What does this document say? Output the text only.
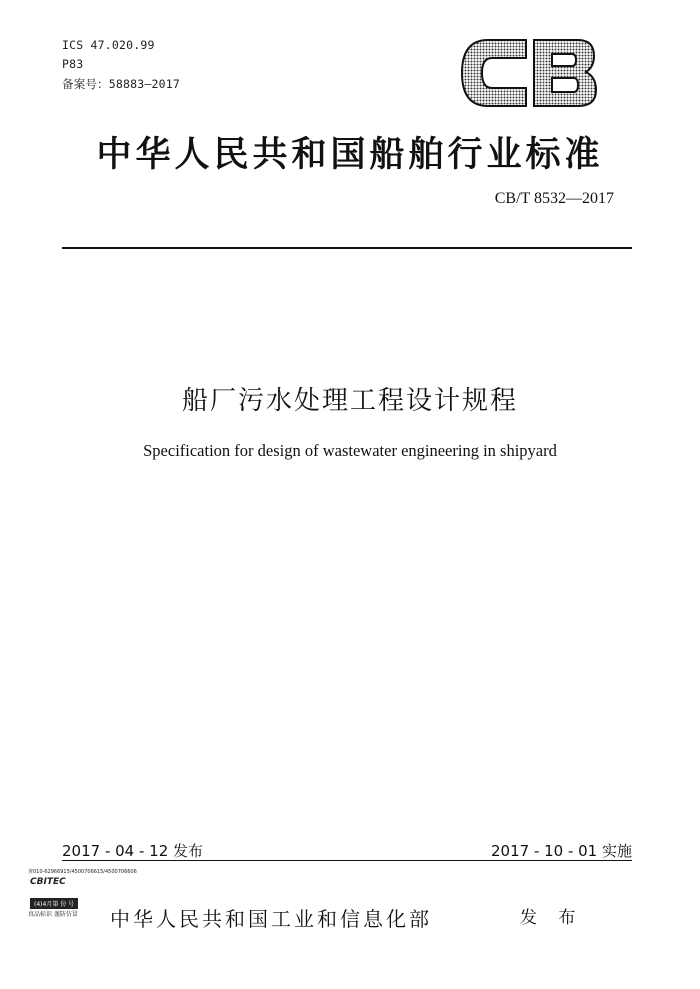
ICS 47.020.99
P83
备案号：58883—2017
中华人民共和国船舶行业标准
CB/T 8532—2017
船厂污水处理工程设计规程
Specification for design of wastewater engineering in shipyard
2017 - 04 - 12 发布	2017 - 10 - 01 实施
查010-62966915/4500706615/4500706606
CBITEC
(4)4月第 份 号
真品标识 谨防仿冒 中华人民共和国工业和信息化部	发 布
